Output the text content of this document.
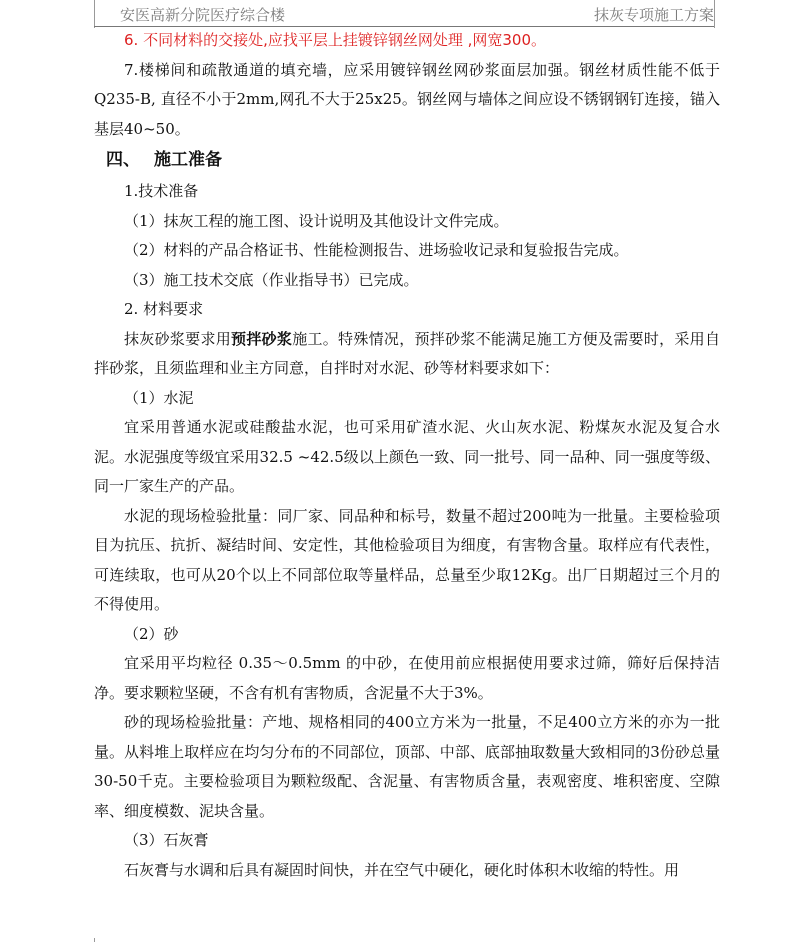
安医高新分院医疗综合楼	抹灰专项施工方案

6. 不同材料的交接处,应找平层上挂镀锌钢丝网处理 ,网宽300。

7.楼梯间和疏散通道的填充墙，应采用镀锌钢丝网砂浆面层加强。钢丝材质性能不低于Q235-B, 直径不小于2mm,网孔不大于25x25。钢丝网与墙体之间应设不锈钢钢钉连接，锚入基层40~50。

四、 施工准备

1.技术准备

（1）抹灰工程的施工图、设计说明及其他设计文件完成。

（2）材料的产品合格证书、性能检测报告、进场验收记录和复验报告完成。

（3）施工技术交底（作业指导书）已完成。

2. 材料要求

抹灰砂浆要求用预拌砂浆施工。特殊情况，预拌砂浆不能满足施工方便及需要时，采用自拌砂浆，且须监理和业主方同意，自拌时对水泥、砂等材料要求如下：

（1）水泥

宜采用普通水泥或硅酸盐水泥，也可采用矿渣水泥、火山灰水泥、粉煤灰水泥及复合水泥。水泥强度等级宜采用32.5 ~42.5级以上颜色一致、同一批号、同一品种、同一强度等级、同一厂家生产的产品。

水泥的现场检验批量：同厂家、同品种和标号，数量不超过200吨为一批量。主要检验项目为抗压、抗折、凝结时间、安定性，其他检验项目为细度，有害物含量。取样应有代表性，可连续取，也可从20个以上不同部位取等量样品，总量至少取12Kg。出厂日期超过三个月的不得使用。

（2）砂

宜采用平均粒径 0.35～0.5mm 的中砂，在使用前应根据使用要求过筛，筛好后保持洁净。要求颗粒坚硬，不含有机有害物质，含泥量不大于3%。

砂的现场检验批量：产地、规格相同的400立方米为一批量，不足400立方米的亦为一批量。从料堆上取样应在均匀分布的不同部位，顶部、中部、底部抽取数量大致相同的3份砂总量30-50千克。主要检验项目为颗粒级配、含泥量、有害物质含量，表观密度、堆积密度、空隙率、细度模数、泥块含量。

（3）石灰膏

石灰膏与水调和后具有凝固时间快，并在空气中硬化，硬化时体积木收缩的特性。用
